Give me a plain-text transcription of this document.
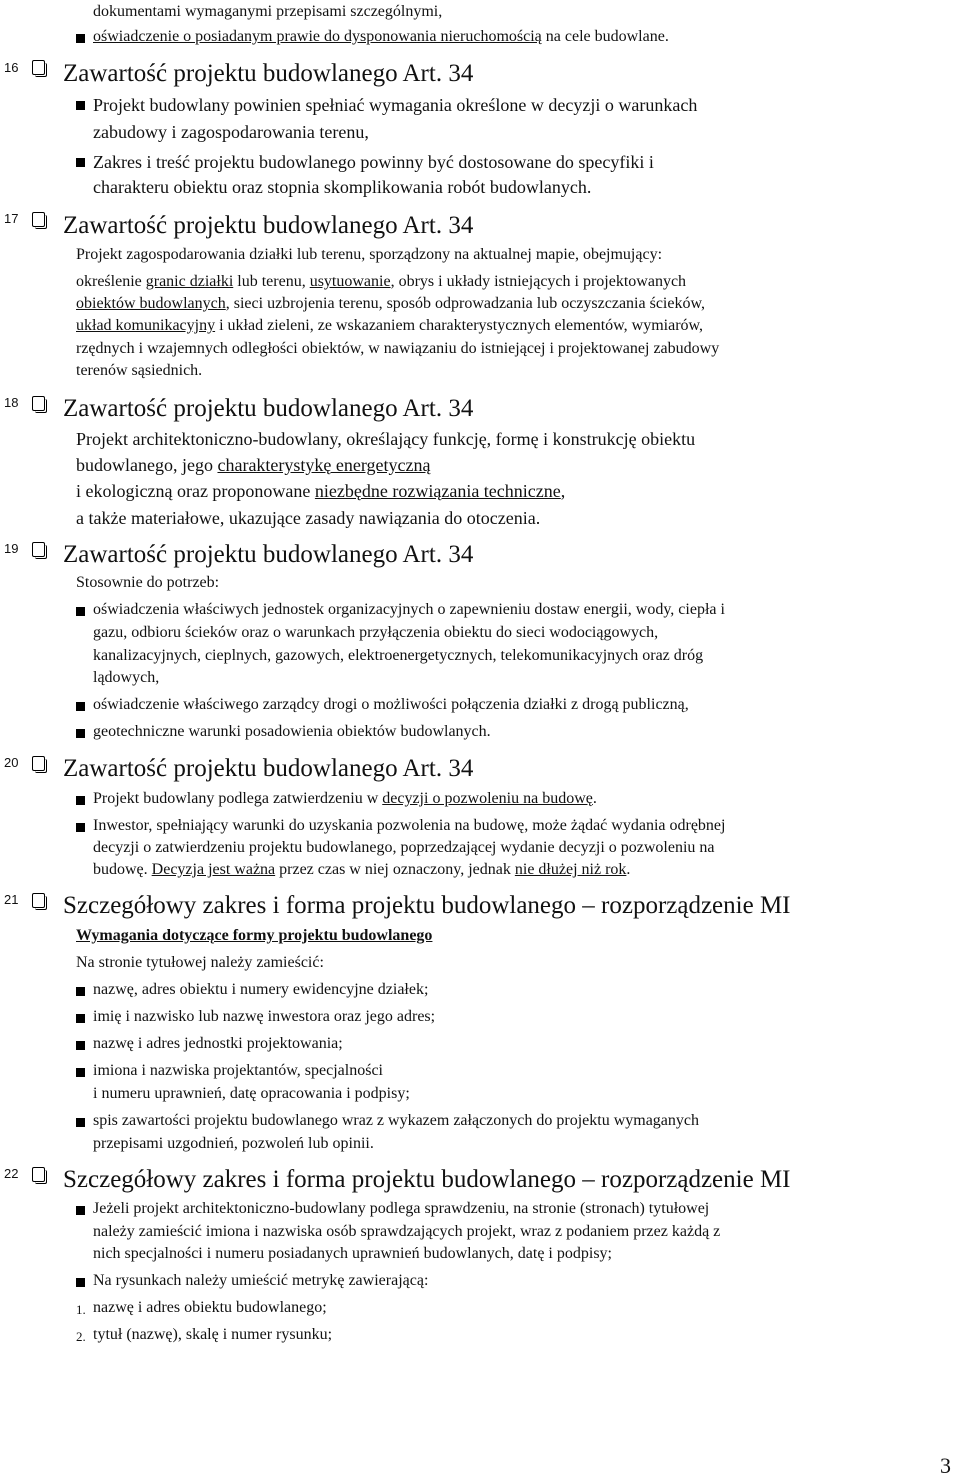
dokumentami wymaganymi przepisami szczególnymi,
oświadczenie o posiadanym prawie do dysponowania nieruchomością na cele budowlane.
16 Zawartość projektu budowlanego Art. 34
Projekt budowlany powinien spełniać wymagania określone w decyzji o warunkach
zabudowy i zagospodarowania terenu,
Zakres i treść projektu budowlanego powinny być dostosowane do specyfiki i
charakteru obiektu oraz stopnia skomplikowania robót budowlanych.
17 Zawartość projektu budowlanego Art. 34
Projekt zagospodarowania działki lub terenu, sporządzony na aktualnej mapie, obejmujący:
określenie granic działki lub terenu, usytuowanie, obrys i układy istniejących i projektowanych
obiektów budowlanych, sieci uzbrojenia terenu, sposób odprowadzania lub oczyszczania ścieków,
układ komunikacyjny i układ zieleni, ze wskazaniem charakterystycznych elementów, wymiarów,
rzędnych i wzajemnych odległości obiektów, w nawiązaniu do istniejącej i projektowanej zabudowy
terenów sąsiednich.
18 Zawartość projektu budowlanego Art. 34
Projekt architektoniczno-budowlany, określający funkcję, formę i konstrukcję obiektu
budowlanego, jego charakterystykę energetyczną
i ekologiczną oraz proponowane niezbędne rozwiązania techniczne,
a także materiałowe, ukazujące zasady nawiązania do otoczenia.
19 Zawartość projektu budowlanego Art. 34
Stosownie do potrzeb:
oświadczenia właściwych jednostek organizacyjnych o zapewnieniu dostaw energii, wody, ciepła i
gazu, odbioru ścieków oraz o warunkach przyłączenia obiektu do sieci wodociągowych,
kanalizacyjnych, cieplnych, gazowych, elektroenergetycznych, telekomunikacyjnych oraz dróg
lądowych,
oświadczenie właściwego zarządcy drogi o możliwości połączenia działki z drogą publiczną,
geotechniczne warunki posadowienia obiektów budowlanych.
20 Zawartość projektu budowlanego Art. 34
Projekt budowlany podlega zatwierdzeniu w decyzji o pozwoleniu na budowę.
Inwestor, spełniający warunki do uzyskania pozwolenia na budowę, może żądać wydania odrębnej
decyzji o zatwierdzeniu projektu budowlanego, poprzedzającej wydanie decyzji o pozwoleniu na
budowę. Decyzja jest ważna przez czas w niej oznaczony, jednak nie dłużej niż rok.
21 Szczegółowy zakres i forma projektu budowlanego – rozporządzenie MI
Wymagania dotyczące formy projektu budowlanego
Na stronie tytułowej należy zamieścić:
nazwę, adres obiektu i numery ewidencyjne działek;
imię i nazwisko lub nazwę inwestora oraz jego adres;
nazwę i adres jednostki projektowania;
imiona i nazwiska projektantów, specjalności
i numeru uprawnień, datę opracowania i podpisy;
spis zawartości projektu budowlanego wraz z wykazem załączonych do projektu wymaganych
przepisami uzgodnień, pozwoleń lub opinii.
22 Szczegółowy zakres i forma projektu budowlanego – rozporządzenie MI
Jeżeli projekt architektoniczno-budowlany podlega sprawdzeniu, na stronie (stronach) tytułowej
należy zamieścić imiona i nazwiska osób sprawdzających projekt, wraz z podaniem przez każdą z
nich specjalności i numeru posiadanych uprawnień budowlanych, datę i podpisy;
Na rysunkach należy umieścić metrykę zawierającą:
1. nazwę i adres obiektu budowlanego;
2. tytuł (nazwę), skalę i numer rysunku;
3
